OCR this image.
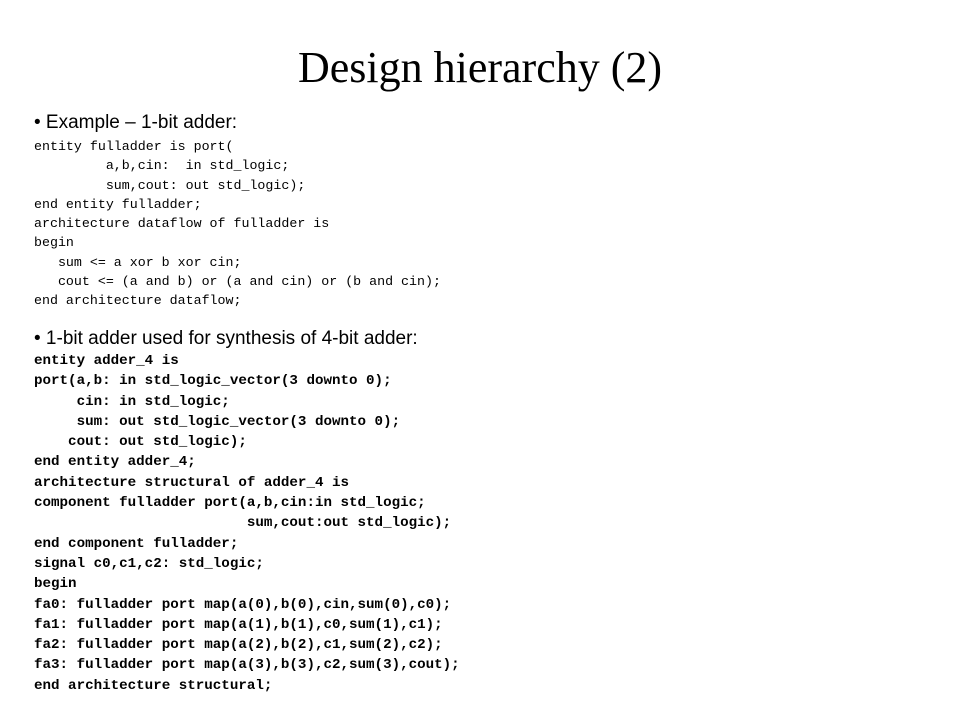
Design hierarchy (2)
• Example – 1-bit adder:
entity fulladder is port(
a,b,cin:  in std_logic;
sum,cout: out std_logic);
end entity fulladder;
architecture dataflow of fulladder is
begin
sum <= a xor b xor cin;
cout <= (a and b) or (a and cin) or (b and cin);
end architecture dataflow;
• 1-bit adder used for synthesis of 4-bit adder:
entity adder_4 is
port(a,b: in std_logic_vector(3 downto 0);
cin: in std_logic;
sum: out std_logic_vector(3 downto 0);
cout: out std_logic);
end entity adder_4;
architecture structural of adder_4 is
component fulladder port(a,b,cin:in std_logic;
sum,cout:out std_logic);
end component fulladder;
signal c0,c1,c2: std_logic;
begin
fa0: fulladder port map(a(0),b(0),cin,sum(0),c0);
fa1: fulladder port map(a(1),b(1),c0,sum(1),c1);
fa2: fulladder port map(a(2),b(2),c1,sum(2),c2);
fa3: fulladder port map(a(3),b(3),c2,sum(3),cout);
end architecture structural;
